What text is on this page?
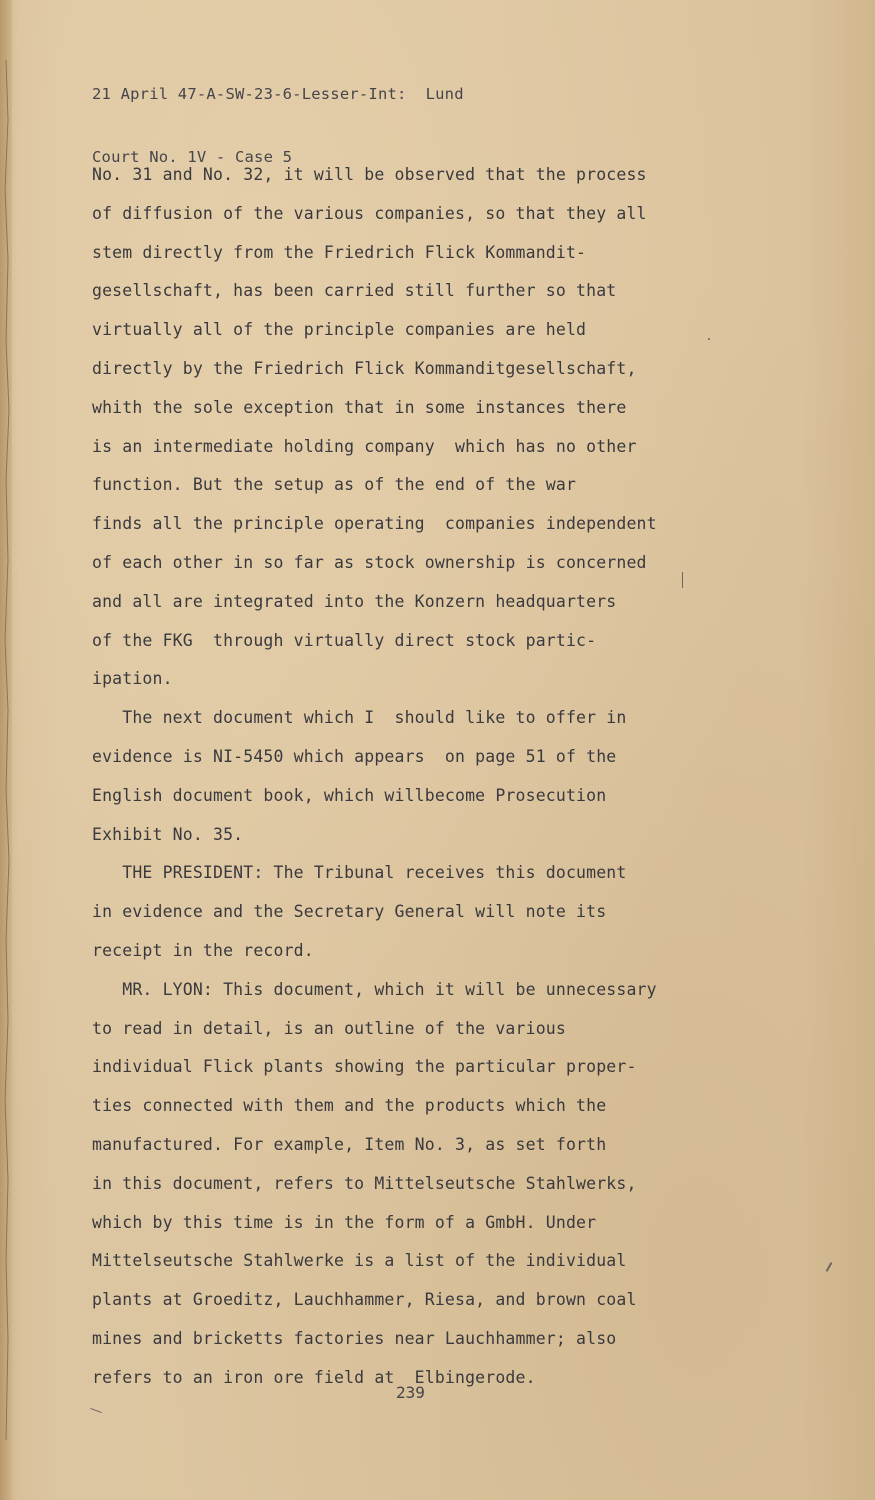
21 April 47-A-SW-23-6-Lesser-Int:  Lund

Court No. 1V - Case 5

No. 31 and No. 32, it will be observed that the process
of diffusion of the various companies, so that they all
stem directly from the Friedrich Flick Kommandit-
gesellschaft, has been carried still further so that
virtually all of the principle companies are held
directly by the Friedrich Flick Kommanditgesellschaft,
whith the sole exception that in some instances there
is an intermediate holding company  which has no other
function. But the setup as of the end of the war
finds all the principle operating  companies independent
of each other in so far as stock ownership is concerned
and all are integrated into the Konzern headquarters
of the FKG  through virtually direct stock partic-
ipation.
The next document which I  should like to offer in
evidence is NI-5450 which appears  on page 51 of the
English document book, which willbecome Prosecution
Exhibit No. 35.
THE PRESIDENT: The Tribunal receives this document
in evidence and the Secretary General will note its
receipt in the record.
MR. LYON: This document, which it will be unnecessary
to read in detail, is an outline of the various
individual Flick plants showing the particular proper-
ties connected with them and the products which the
manufactured. For example, Item No. 3, as set forth
in this document, refers to Mittelseutsche Stahlwerks,
which by this time is in the form of a GmbH. Under
Mittelseutsche Stahlwerke is a list of the individual
plants at Groeditz, Lauchhammer, Riesa, and brown coal
mines and bricketts factories near Lauchhammer; also
refers to an iron ore field at  Elbingerode.
239
